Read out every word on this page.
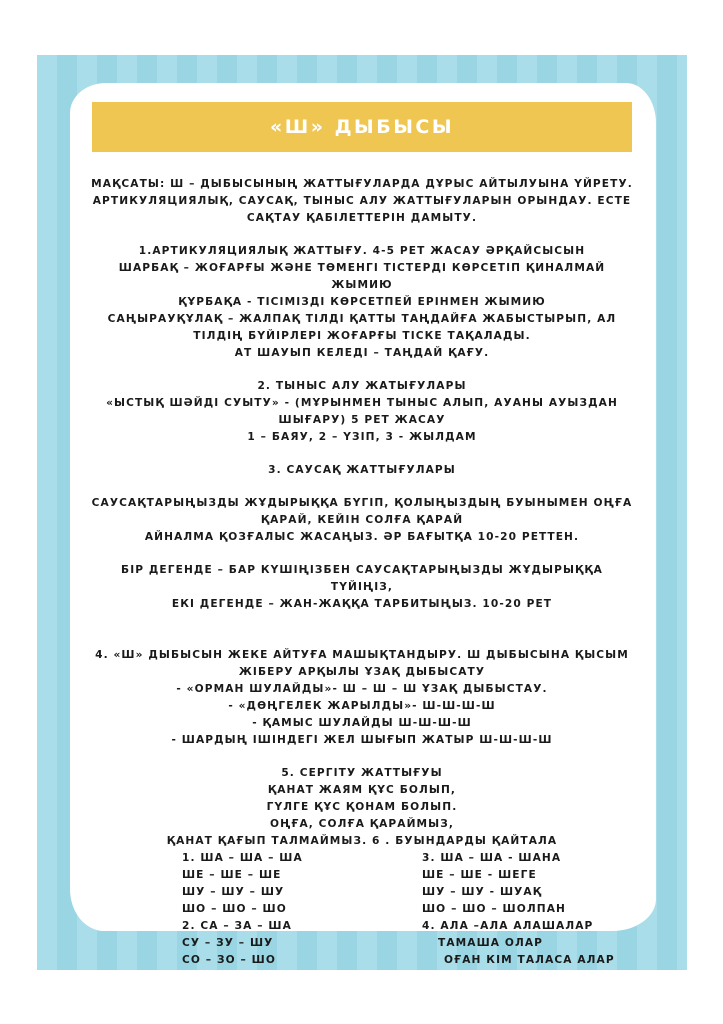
«Ш» ДЫБЫСЫ

МАҚСАТЫ: Ш – ДЫБЫСЫНЫҢ ЖАТТЫҒУЛАРДА ДҰРЫС АЙТЫЛУЫНА ҮЙРЕТУ.

АРТИКУЛЯЦИЯЛЫҚ, САУСАҚ, ТЫНЫС АЛУ ЖАТТЫҒУЛАРЫН ОРЫНДАУ. ЕСТЕ

САҚТАУ ҚАБІЛЕТТЕРІН ДАМЫТУ.

1.АРТИКУЛЯЦИЯЛЫҚ ЖАТТЫҒУ. 4-5 РЕТ ЖАСАУ ӘРҚАЙСЫСЫН

ШАРБАҚ – ЖОҒАРҒЫ ЖӘНЕ ТӨМЕНГІ ТІСТЕРДІ КӨРСЕТІП ҚИНАЛМАЙ ЖЫМИЮ

ҚҰРБАҚА - ТІСІМІЗДІ КӨРСЕТПЕЙ ЕРІНМЕН ЖЫМИЮ

САҢЫРАУҚҰЛАҚ – ЖАЛПАҚ ТІЛДІ ҚАТТЫ ТАҢДАЙҒА ЖАБЫСТЫРЫП, АЛ

ТІЛДІҢ БҮЙІРЛЕРІ ЖОҒАРҒЫ ТІСКЕ ТАҚАЛАДЫ.

АТ ШАУЫП КЕЛЕДІ – ТАҢДАЙ ҚАҒУ.

2. ТЫНЫС АЛУ ЖАТЫҒУЛАРЫ

«ЫСТЫҚ ШӘЙДІ СУЫТУ» - (МҰРЫНМЕН ТЫНЫС АЛЫП, АУАНЫ АУЫЗДАН

ШЫҒАРУ) 5 РЕТ ЖАСАУ

1 – БАЯУ, 2 – ҮЗІП, 3 - ЖЫЛДАМ

3. САУСАҚ ЖАТТЫҒУЛАРЫ

САУСАҚТАРЫҢЫЗДЫ ЖҰДЫРЫҚҚА БҮГІП, ҚОЛЫҢЫЗДЫҢ БУЫНЫМЕН ОҢҒА

ҚАРАЙ, КЕЙІН СОЛҒА ҚАРАЙ

АЙНАЛМА ҚОЗҒАЛЫС ЖАСАҢЫЗ. ӘР БАҒЫТҚА 10-20 РЕТТЕН.

БІР ДЕГЕНДЕ – БАР КҮШІҢІЗБЕН САУСАҚТАРЫҢЫЗДЫ ЖҰДЫРЫҚҚА ТҮЙІҢІЗ,

ЕКІ ДЕГЕНДЕ – ЖАН-ЖАҚҚА ТАРБИТЫҢЫЗ. 10-20 РЕТ

4. «Ш» ДЫБЫСЫН ЖЕКЕ АЙТУҒА МАШЫҚТАНДЫРУ. Ш ДЫБЫСЫНА ҚЫСЫМ

ЖІБЕРУ АРҚЫЛЫ ҰЗАҚ ДЫБЫСАТУ

- «ОРМАН ШУЛАЙДЫ»- Ш – Ш – Ш ҰЗАҚ ДЫБЫСТАУ.

- «ДӨҢГЕЛЕК ЖАРЫЛДЫ»- Ш-Ш-Ш-Ш

- ҚАМЫС ШУЛАЙДЫ Ш-Ш-Ш-Ш

- ШАРДЫҢ ІШІНДЕГІ ЖЕЛ ШЫҒЫП ЖАТЫР Ш-Ш-Ш-Ш

5. СЕРГІТУ ЖАТТЫҒУЫ

ҚАНАТ ЖАЯМ ҚҰС БОЛЫП,

ГҮЛГЕ ҚҰС ҚОНАМ БОЛЫП.

ОҢҒА, СОЛҒА ҚАРАЙМЫЗ,

ҚАНАТ ҚАҒЫП ТАЛМАЙМЫЗ. 6 . БУЫНДАРДЫ ҚАЙТАЛА

1. ША – ША – ША
ШЕ – ШЕ – ШЕ
ШУ – ШУ – ШУ
ШО – ШО – ШО
2. СА – ЗА – ША
СУ – ЗУ – ШУ
СО – ЗО – ШО
3. ША – ША - ШАНА
ШЕ – ШЕ - ШЕГЕ
ШУ – ШУ - ШУАҚ
ШО – ШО – ШОЛПАН
4. АЛА –АЛА АЛАШАЛАР
ТАМАША ОЛАР
ОҒАН КІМ ТАЛАСА АЛАР
